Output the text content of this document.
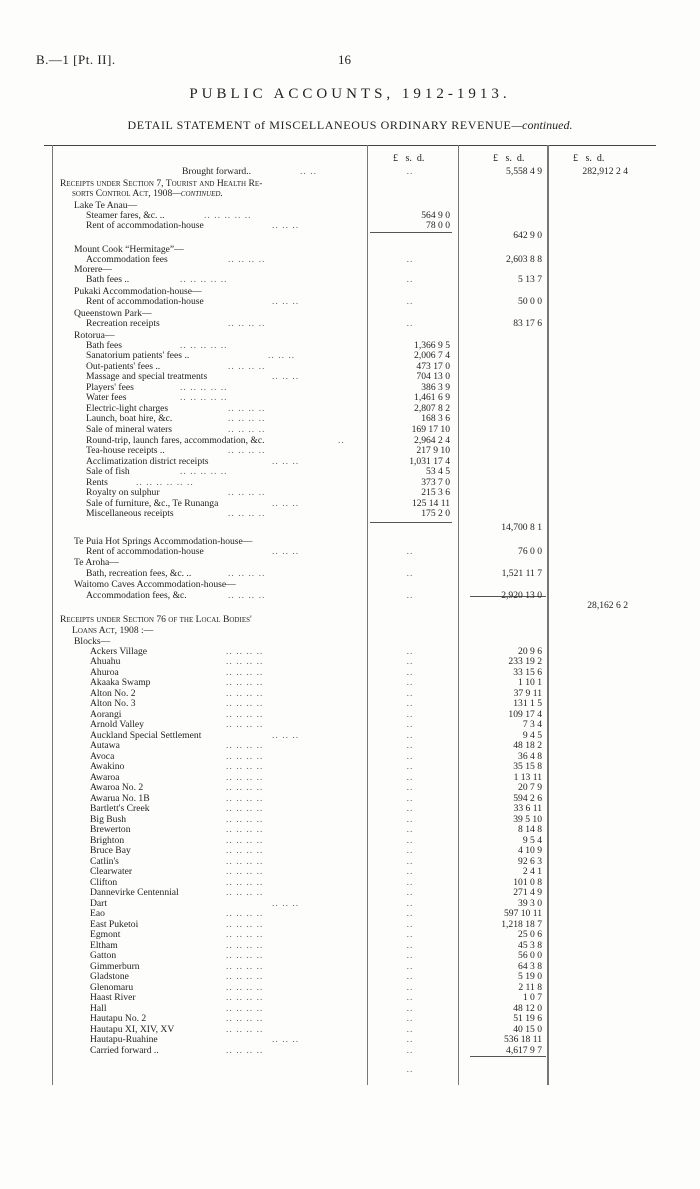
B.—1 [Pt. II].	16
PUBLIC ACCOUNTS, 1912-1913.
DETAIL STATEMENT of MISCELLANEOUS ORDINARY REVENUE—continued.
£ s. d.	£ s. d.	£ s. d.
Brought forward..	.. ..	..	5,558 4 9	282,912 2 4
Receipts under Section 7, Tourist and Health Re-
sorts Control Act, 1908—continued.
Lake Te Anau—
Steamer fares, &c. ..	.. .. .. .. ..	564 9 0
Rent of accommodation-house	.. .. ..	78 0 0
642 9 0
Mount Cook “Hermitage”—
Accommodation fees	.. .. .. ..	..	2,603 8 8
Morere—
Bath fees ..	.. .. .. .. ..	..	5 13 7
Pukaki Accommodation-house—
Rent of accommodation-house	.. .. ..	..	50 0 0
Queenstown Park—
Recreation receipts	.. .. .. ..	..	83 17 6
Rotorua—
Bath fees	.. .. .. .. ..	1,366 9 5
Sanatorium patients' fees ..	.. .. ..	2,006 7 4
Out-patients' fees ..	.. .. .. ..	473 17 0
Massage and special treatments	.. .. ..	704 13 0
Players' fees	.. .. .. .. ..	386 3 9
Water fees	.. .. .. .. ..	1,461 6 9
Electric-light charges	.. .. .. ..	2,807 8 2
Launch, boat hire, &c.	.. .. .. ..	168 3 6
Sale of mineral waters	.. .. .. ..	169 17 10
Round-trip, launch fares, accommodation, &c.	..	2,964 2 4
Tea-house receipts ..	.. .. .. ..	217 9 10
Acclimatization district receipts	.. .. ..	1,031 17 4
Sale of fish	.. .. .. .. ..	53 4 5
Rents	.. .. .. .. .. ..	373 7 0
Royalty on sulphur	.. .. .. ..	215 3 6
Sale of furniture, &c., Te Runanga	.. .. ..	125 14 11
Miscellaneous receipts	.. .. .. ..	175 2 0
14,700 8 1
Te Puia Hot Springs Accommodation-house—
Rent of accommodation-house	.. .. ..	..	76 0 0
Te Aroha—
Bath, recreation fees, &c. ..	.. .. .. ..	..	1,521 11 7
Waitomo Caves Accommodation-house—
Accommodation fees, &c.	.. .. .. ..	..	2,920 13 0
28,162 6 2
Receipts under Section 76 of the Local Bodies'
Loans Act, 1908 :—
Blocks—
Ackers Village	.. .. .. ..	..	20 9 6
Ahuahu	.. .. .. ..	..	233 19 2
Ahuroa	.. .. .. ..	..	33 15 6
Akaaka Swamp	.. .. .. ..	..	1 10 1
Alton No. 2	.. .. .. ..	..	37 9 11
Alton No. 3	.. .. .. ..	..	131 1 5
Aorangi	.. .. .. ..	..	109 17 4
Arnold Valley	.. .. .. ..	..	7 3 4
Auckland Special Settlement	.. .. ..	..	9 4 5
Autawa	.. .. .. ..	..	48 18 2
Avoca	.. .. .. ..	..	36 4 8
Awakino	.. .. .. ..	..	35 15 8
Awaroa	.. .. .. ..	..	1 13 11
Awaroa No. 2	.. .. .. ..	..	20 7 9
Awarua No. 1B	.. .. .. ..	..	594 2 6
Bartlett's Creek	.. .. .. ..	..	33 6 11
Big Bush	.. .. .. ..	..	39 5 10
Brewerton	.. .. .. ..	..	8 14 8
Brighton	.. .. .. ..	..	9 5 4
Bruce Bay	.. .. .. ..	..	4 10 9
Catlin's	.. .. .. ..	..	92 6 3
Clearwater	.. .. .. ..	..	2 4 1
Clifton	.. .. .. ..	..	101 0 8
Dannevirke Centennial	.. .. .. ..	..	271 4 9
Dart	.. .. ..	..	39 3 0
Eao	.. .. .. ..	..	597 10 11
East Puketoi	.. .. .. ..	..	1,218 18 7
Egmont	.. .. .. ..	..	25 0 6
Eltham	.. .. .. ..	..	45 3 8
Gatton	.. .. .. ..	..	56 0 0
Gimmerburn	.. .. .. ..	..	64 3 8
Gladstone	.. .. .. ..	..	5 19 0
Glenomaru	.. .. .. ..	..	2 11 8
Haast River	.. .. .. ..	..	1 0 7
Hall	.. .. .. ..	..	48 12 0
Hautapu No. 2	.. .. .. ..	..	51 19 6
Hautapu XI, XIV, XV	.. .. .. ..	..	40 15 0
Hautapu-Ruahine	.. .. ..	..	536 18 11
Carried forward ..	.. .. .. ..	..	4,617 9 7
..
